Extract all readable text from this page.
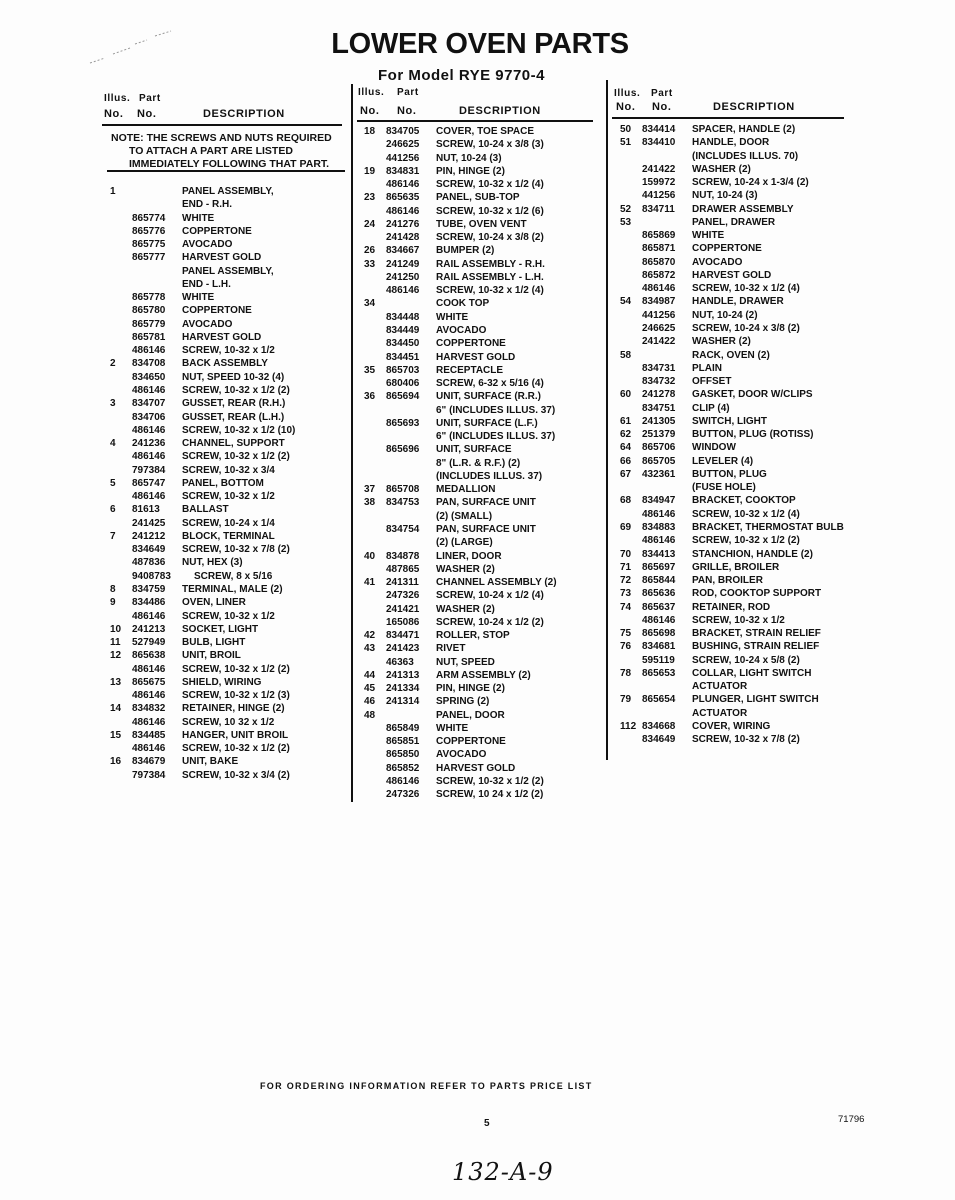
LOWER OVEN PARTS
For Model RYE 9770-4
Illus. Part
No. No.	DESCRIPTION
NOTE: THE SCREWS AND NUTS REQUIRED
TO ATTACH A PART ARE LISTED
IMMEDIATELY FOLLOWING THAT PART.
Illus. Part
No. No.	DESCRIPTION
Illus. Part
No. No.	DESCRIPTION
1	PANEL ASSEMBLY,
END - R.H.
865774 WHITE
865776 COPPERTONE
865775 AVOCADO
865777 HARVEST GOLD
PANEL ASSEMBLY,
END - L.H.
865778 WHITE
865780 COPPERTONE
865779 AVOCADO
865781 HARVEST GOLD
486146 SCREW, 10-32 x 1/2
2 834708 BACK ASSEMBLY
834650 NUT, SPEED 10-32 (4)
486146 SCREW, 10-32 x 1/2 (2)
3 834707 GUSSET, REAR (R.H.)
834706 GUSSET, REAR (L.H.)
486146 SCREW, 10-32 x 1/2 (10)
4 241236 CHANNEL, SUPPORT
486146 SCREW, 10-32 x 1/2 (2)
797384 SCREW, 10-32 x 3/4
5 865747 PANEL, BOTTOM
486146 SCREW, 10-32 x 1/2
6 81613 BALLAST
241425 SCREW, 10-24 x 1/4
7 241212 BLOCK, TERMINAL
834649 SCREW, 10-32 x 7/8 (2)
487836 NUT, HEX (3)
9408783 SCREW, 8 x 5/16
8 834759 TERMINAL, MALE (2)
9 834486 OVEN, LINER
486146 SCREW, 10-32 x 1/2
10 241213 SOCKET, LIGHT
11 527949 BULB, LIGHT
12 865638 UNIT, BROIL
486146 SCREW, 10-32 x 1/2 (2)
13 865675 SHIELD, WIRING
486146 SCREW, 10-32 x 1/2 (3)
14 834832 RETAINER, HINGE (2)
486146 SCREW, 10 32 x 1/2
15 834485 HANGER, UNIT BROIL
486146 SCREW, 10-32 x 1/2 (2)
16 834679 UNIT, BAKE
797384 SCREW, 10-32 x 3/4 (2)
18 834705 COVER, TOE SPACE
246625 SCREW, 10-24 x 3/8 (3)
441256 NUT, 10-24 (3)
19 834831 PIN, HINGE (2)
486146 SCREW, 10-32 x 1/2 (4)
23 865635 PANEL, SUB-TOP
486146 SCREW, 10-32 x 1/2 (6)
24 241276 TUBE, OVEN VENT
241428 SCREW, 10-24 x 3/8 (2)
26 834667 BUMPER (2)
33 241249 RAIL ASSEMBLY - R.H.
241250 RAIL ASSEMBLY - L.H.
486146 SCREW, 10-32 x 1/2 (4)
34	COOK TOP
834448 WHITE
834449 AVOCADO
834450 COPPERTONE
834451 HARVEST GOLD
35 865703 RECEPTACLE
680406 SCREW, 6-32 x 5/16 (4)
36 865694 UNIT, SURFACE (R.R.)
6" (INCLUDES ILLUS. 37)
865693 UNIT, SURFACE (L.F.)
6" (INCLUDES ILLUS. 37)
865696 UNIT, SURFACE
8" (L.R. & R.F.) (2)
(INCLUDES ILLUS. 37)
37 865708 MEDALLION
38 834753 PAN, SURFACE UNIT
(2) (SMALL)
834754 PAN, SURFACE UNIT
(2) (LARGE)
40 834878 LINER, DOOR
487865 WASHER (2)
41 241311 CHANNEL ASSEMBLY (2)
247326 SCREW, 10-24 x 1/2 (4)
241421 WASHER (2)
165086 SCREW, 10-24 x 1/2 (2)
42 834471 ROLLER, STOP
43 241423 RIVET
46363 NUT, SPEED
44 241313 ARM ASSEMBLY (2)
45 241334 PIN, HINGE (2)
46 241314 SPRING (2)
48	PANEL, DOOR
865849 WHITE
865851 COPPERTONE
865850 AVOCADO
865852 HARVEST GOLD
486146 SCREW, 10-32 x 1/2 (2)
247326 SCREW, 10 24 x 1/2 (2)
50 834414 SPACER, HANDLE (2)
51 834410 HANDLE, DOOR
(INCLUDES ILLUS. 70)
241422 WASHER (2)
159972 SCREW, 10-24 x 1-3/4 (2)
441256 NUT, 10-24 (3)
52 834711 DRAWER ASSEMBLY
53	PANEL, DRAWER
865869 WHITE
865871 COPPERTONE
865870 AVOCADO
865872 HARVEST GOLD
486146 SCREW, 10-32 x 1/2 (4)
54 834987 HANDLE, DRAWER
441256 NUT, 10-24 (2)
246625 SCREW, 10-24 x 3/8 (2)
241422 WASHER (2)
58	RACK, OVEN (2)
834731 PLAIN
834732 OFFSET
60 241278 GASKET, DOOR W/CLIPS
834751 CLIP (4)
61 241305 SWITCH, LIGHT
62 251379 BUTTON, PLUG (ROTISS)
64 865706 WINDOW
66 865705 LEVELER (4)
67 432361 BUTTON, PLUG
(FUSE HOLE)
68 834947 BRACKET, COOKTOP
486146 SCREW, 10-32 x 1/2 (4)
69 834883 BRACKET, THERMOSTAT BULB
486146 SCREW, 10-32 x 1/2 (2)
70 834413 STANCHION, HANDLE (2)
71 865697 GRILLE, BROILER
72 865844 PAN, BROILER
73 865636 ROD, COOKTOP SUPPORT
74 865637 RETAINER, ROD
486146 SCREW, 10-32 x 1/2
75 865698 BRACKET, STRAIN RELIEF
76 834681 BUSHING, STRAIN RELIEF
595119 SCREW, 10-24 x 5/8 (2)
78 865653 COLLAR, LIGHT SWITCH
ACTUATOR
79 865654 PLUNGER, LIGHT SWITCH
ACTUATOR
112 834668 COVER, WIRING
834649 SCREW, 10-32 x 7/8 (2)
FOR ORDERING INFORMATION REFER TO PARTS PRICE LIST
5	71796
132-A-9
